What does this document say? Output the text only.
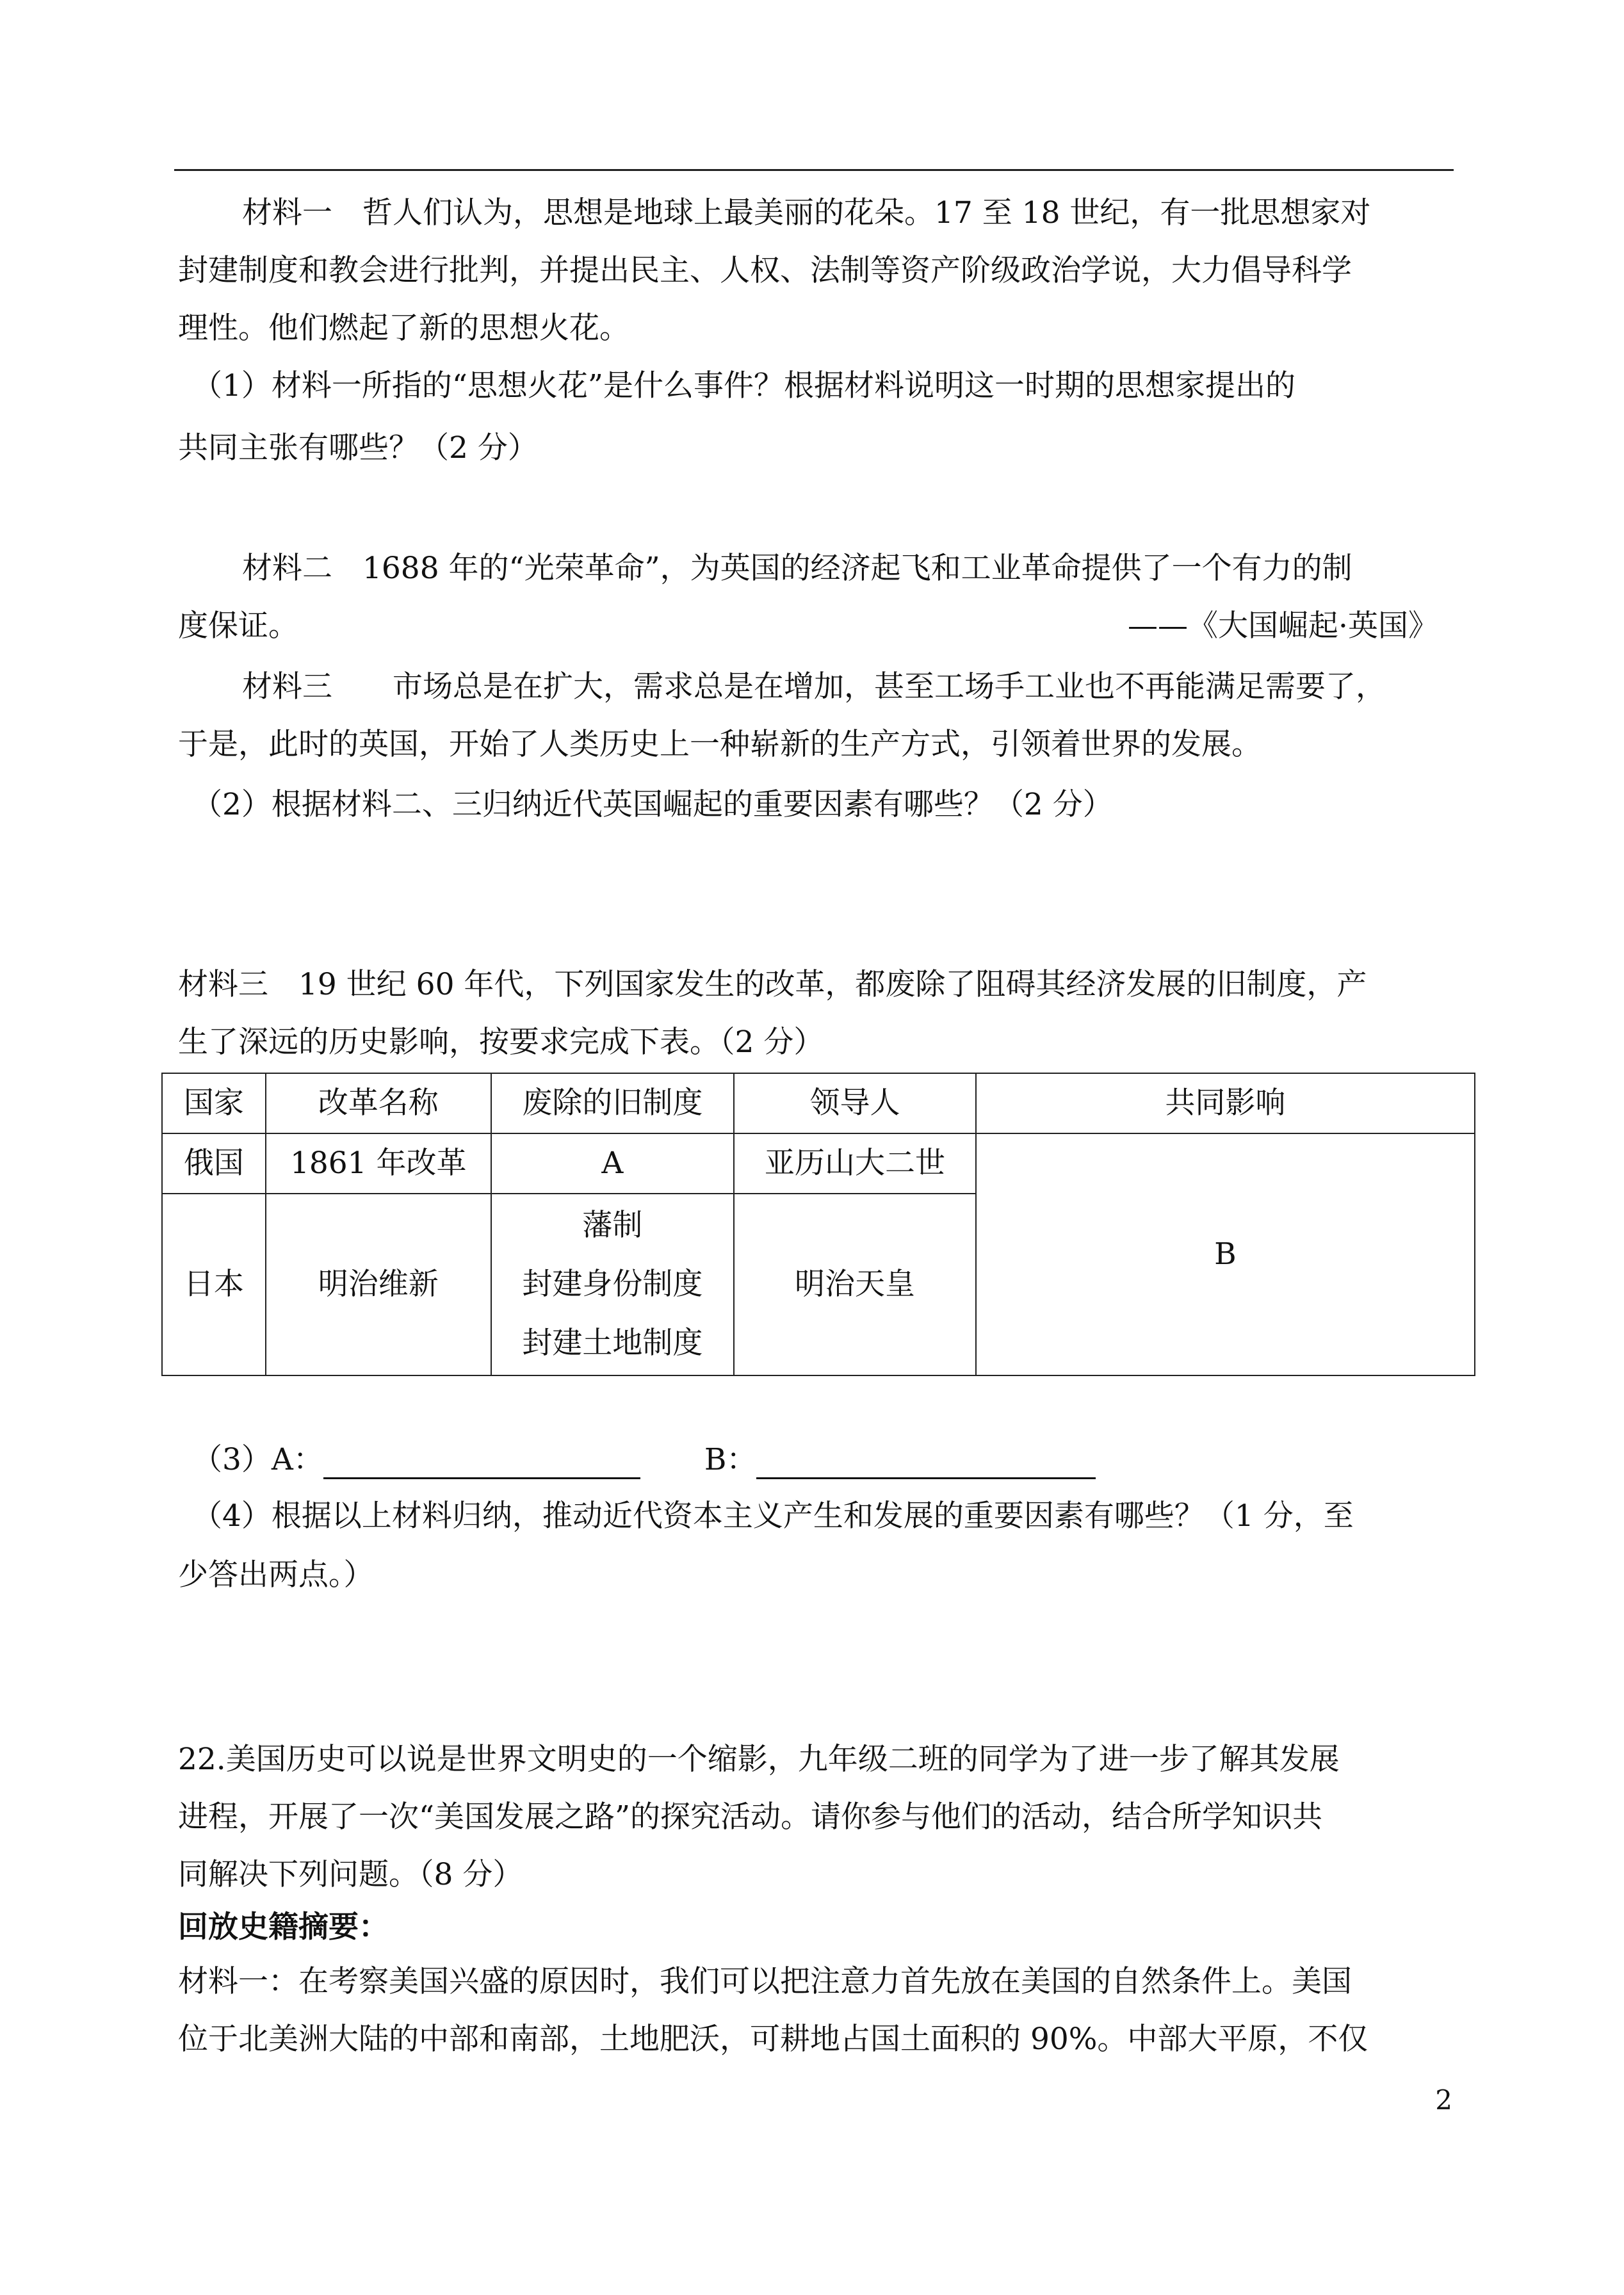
材料一　哲人们认为，思想是地球上最美丽的花朵。17 至 18 世纪，有一批思想家对
封建制度和教会进行批判，并提出民主、人权、法制等资产阶级政治学说，大力倡导科学
理性。他们燃起了新的思想火花。
（1）材料一所指的“思想火花”是什么事件？根据材料说明这一时期的思想家提出的
共同主张有哪些？（2 分）
材料二　1688 年的“光荣革命”，为英国的经济起飞和工业革命提供了一个有力的制
度保证。	——《大国崛起·英国》
材料三　　市场总是在扩大，需求总是在增加，甚至工场手工业也不再能满足需要了，
于是，此时的英国，开始了人类历史上一种崭新的生产方式，引领着世界的发展。
（2）根据材料二、三归纳近代英国崛起的重要因素有哪些？（2 分）
材料三　19 世纪 60 年代，下列国家发生的改革，都废除了阻碍其经济发展的旧制度，产
生了深远的历史影响，按要求完成下表。（2 分）
国家	改革名称	废除的旧制度	领导人	共同影响
俄国	1861 年改革	A	亚历山大二世	B
日本	明治维新	藩制
封建身份制度
封建土地制度	明治天皇	
（3）A：	B：
（4）根据以上材料归纳，推动近代资本主义产生和发展的重要因素有哪些？（1 分，至
少答出两点。）
22.美国历史可以说是世界文明史的一个缩影，九年级二班的同学为了进一步了解其发展
进程，开展了一次“美国发展之路”的探究活动。请你参与他们的活动，结合所学知识共
同解决下列问题。（8 分）
回放史籍摘要：
材料一：在考察美国兴盛的原因时，我们可以把注意力首先放在美国的自然条件上。美国
位于北美洲大陆的中部和南部，土地肥沃，可耕地占国土面积的 90%。中部大平原，不仅
2
